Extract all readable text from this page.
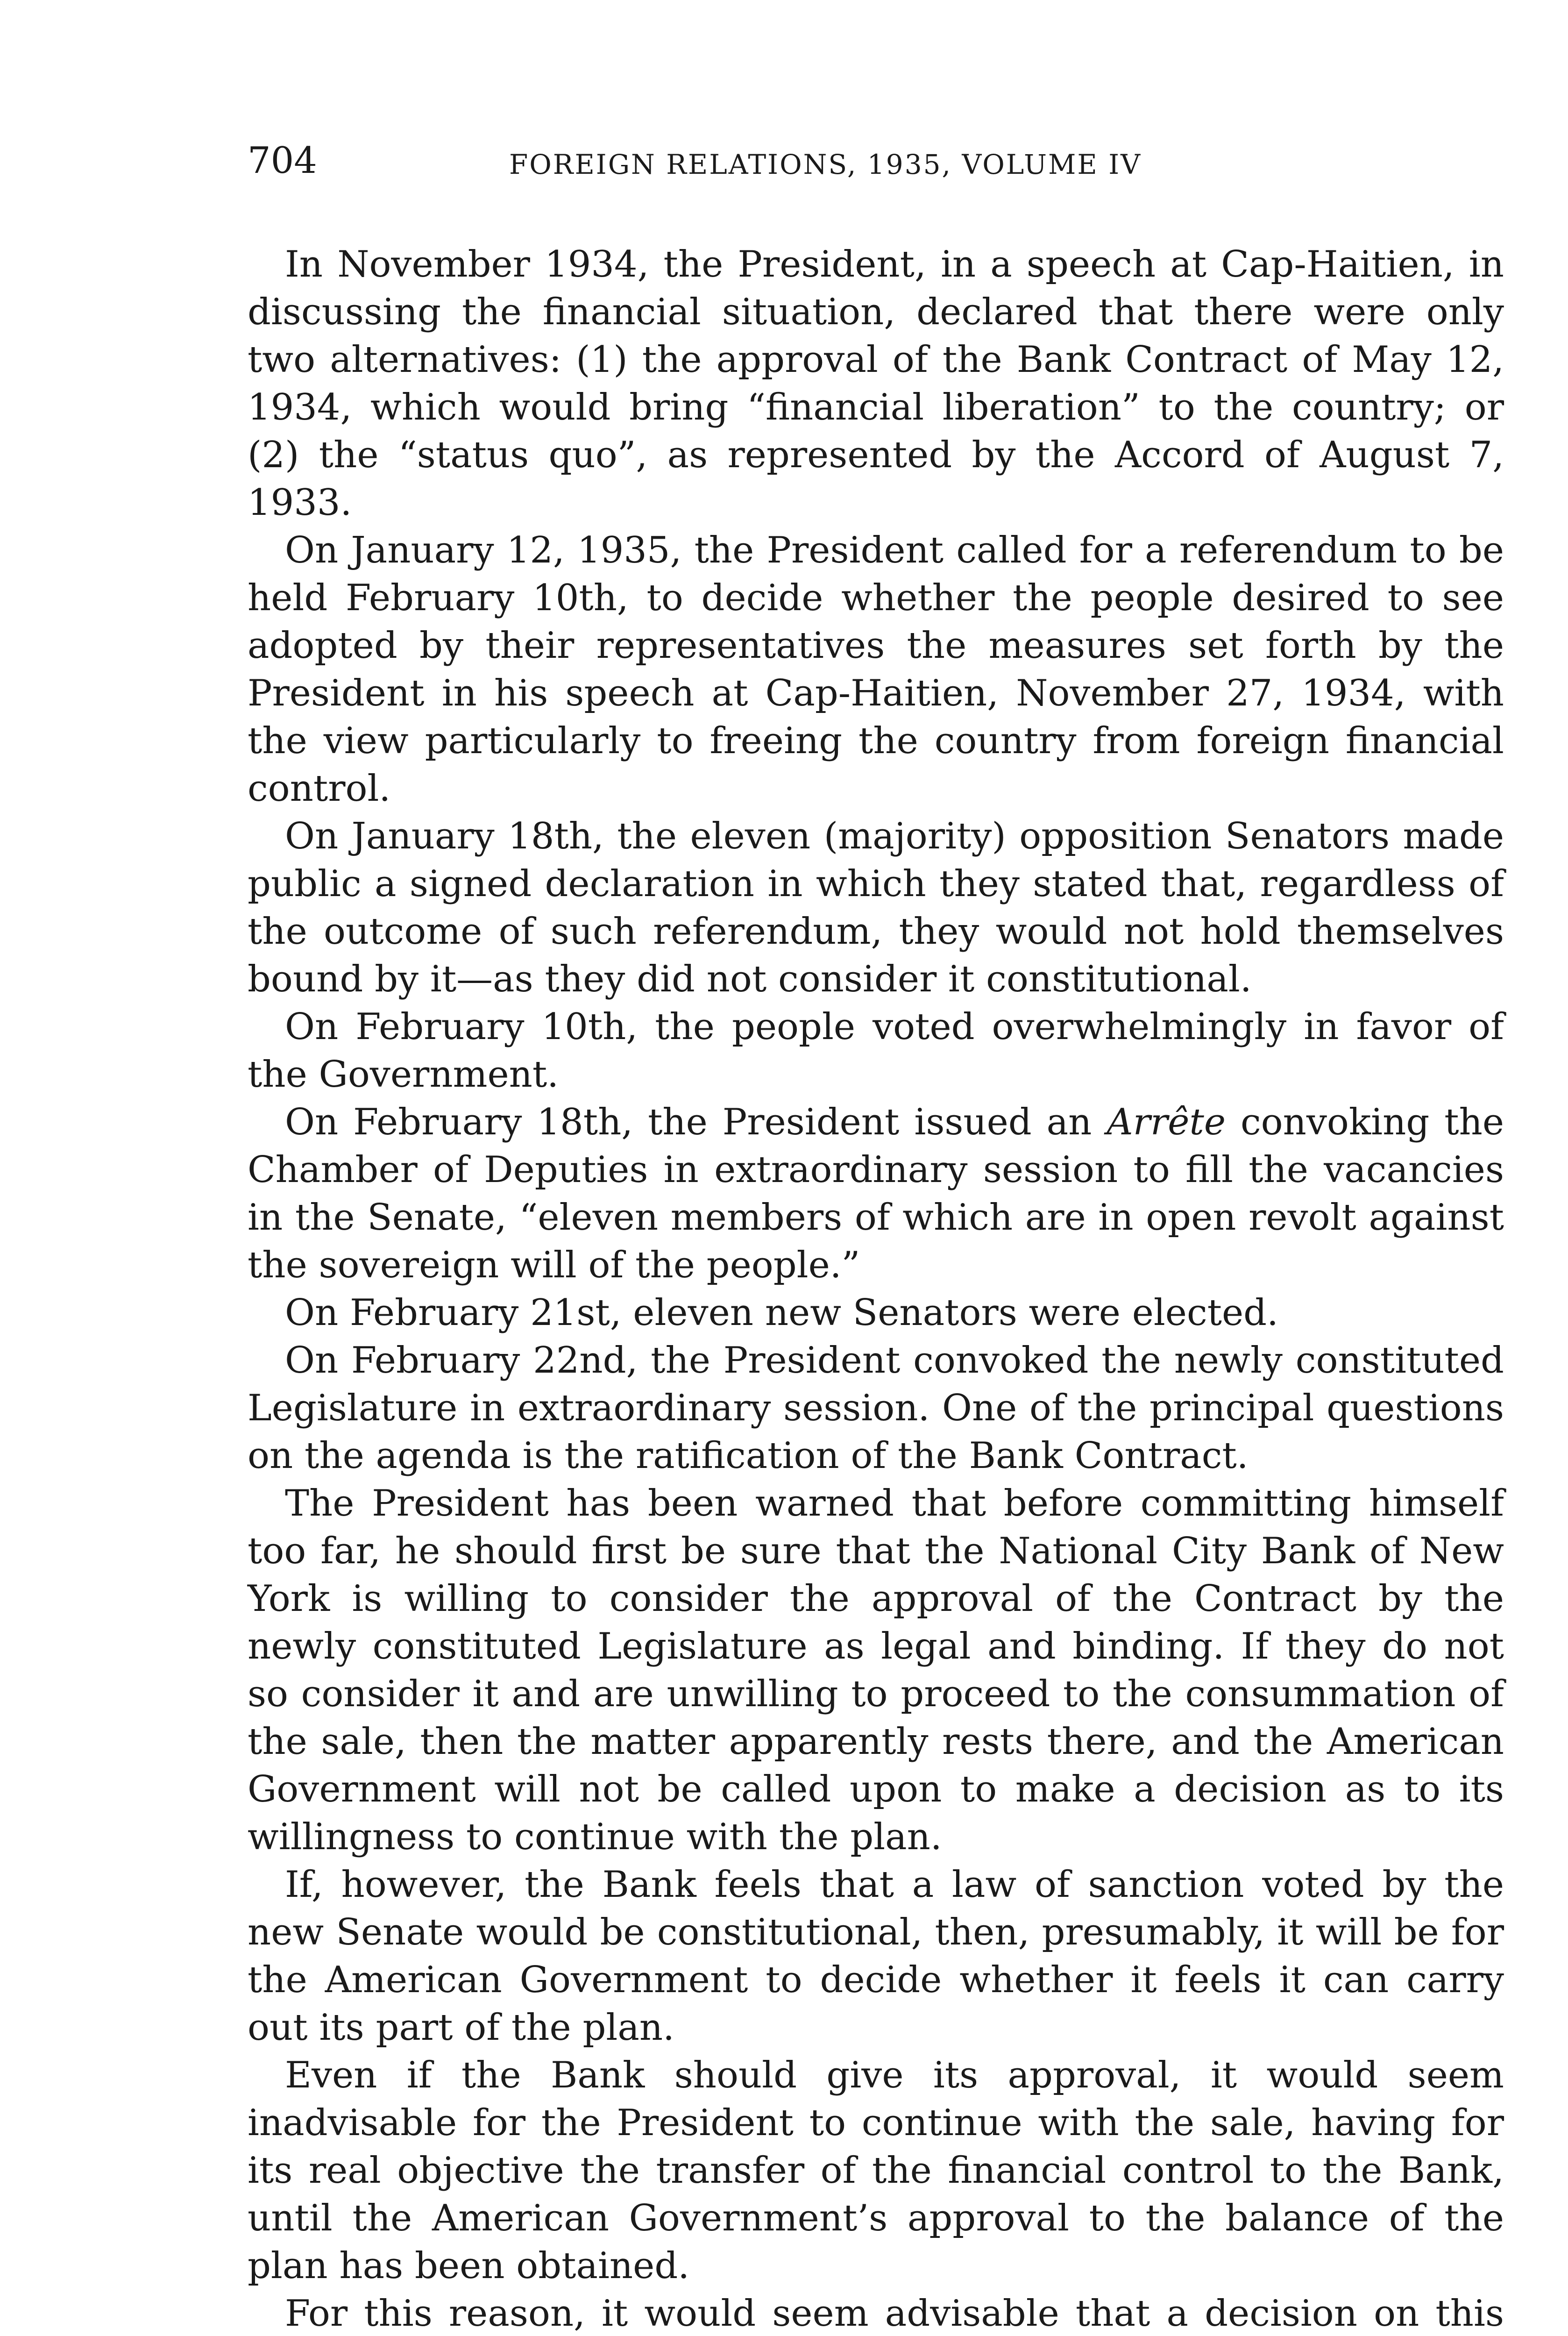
704	FOREIGN RELATIONS, 1935, VOLUME IV

In November 1934, the President, in a speech at Cap-Haitien, in discussing the financial situation, declared that there were only two alternatives: (1) the approval of the Bank Contract of May 12, 1934, which would bring “financial liberation” to the country; or (2) the “status quo”, as represented by the Accord of August 7, 1933.

On January 12, 1935, the President called for a referendum to be held February 10th, to decide whether the people desired to see adopted by their representatives the measures set forth by the President in his speech at Cap-Haitien, November 27, 1934, with the view particularly to freeing the country from foreign financial control.

On January 18th, the eleven (majority) opposition Senators made public a signed declaration in which they stated that, regardless of the outcome of such referendum, they would not hold themselves bound by it—as they did not consider it constitutional.

On February 10th, the people voted overwhelmingly in favor of the Government.

On February 18th, the President issued an Arrête convoking the Chamber of Deputies in extraordinary session to fill the vacancies in the Senate, “eleven members of which are in open revolt against the sovereign will of the people.”

On February 21st, eleven new Senators were elected.

On February 22nd, the President convoked the newly constituted Legislature in extraordinary session. One of the principal questions on the agenda is the ratification of the Bank Contract.

The President has been warned that before committing himself too far, he should first be sure that the National City Bank of New York is willing to consider the approval of the Contract by the newly constituted Legislature as legal and binding. If they do not so consider it and are unwilling to proceed to the consummation of the sale, then the matter apparently rests there, and the American Government will not be called upon to make a decision as to its willingness to continue with the plan.

If, however, the Bank feels that a law of sanction voted by the new Senate would be constitutional, then, presumably, it will be for the American Government to decide whether it feels it can carry out its part of the plan.

Even if the Bank should give its approval, it would seem inadvisable for the President to continue with the sale, having for its real objective the transfer of the financial control to the Bank, until the American Government’s approval to the balance of the plan has been obtained.

For this reason, it would seem advisable that a decision on this
